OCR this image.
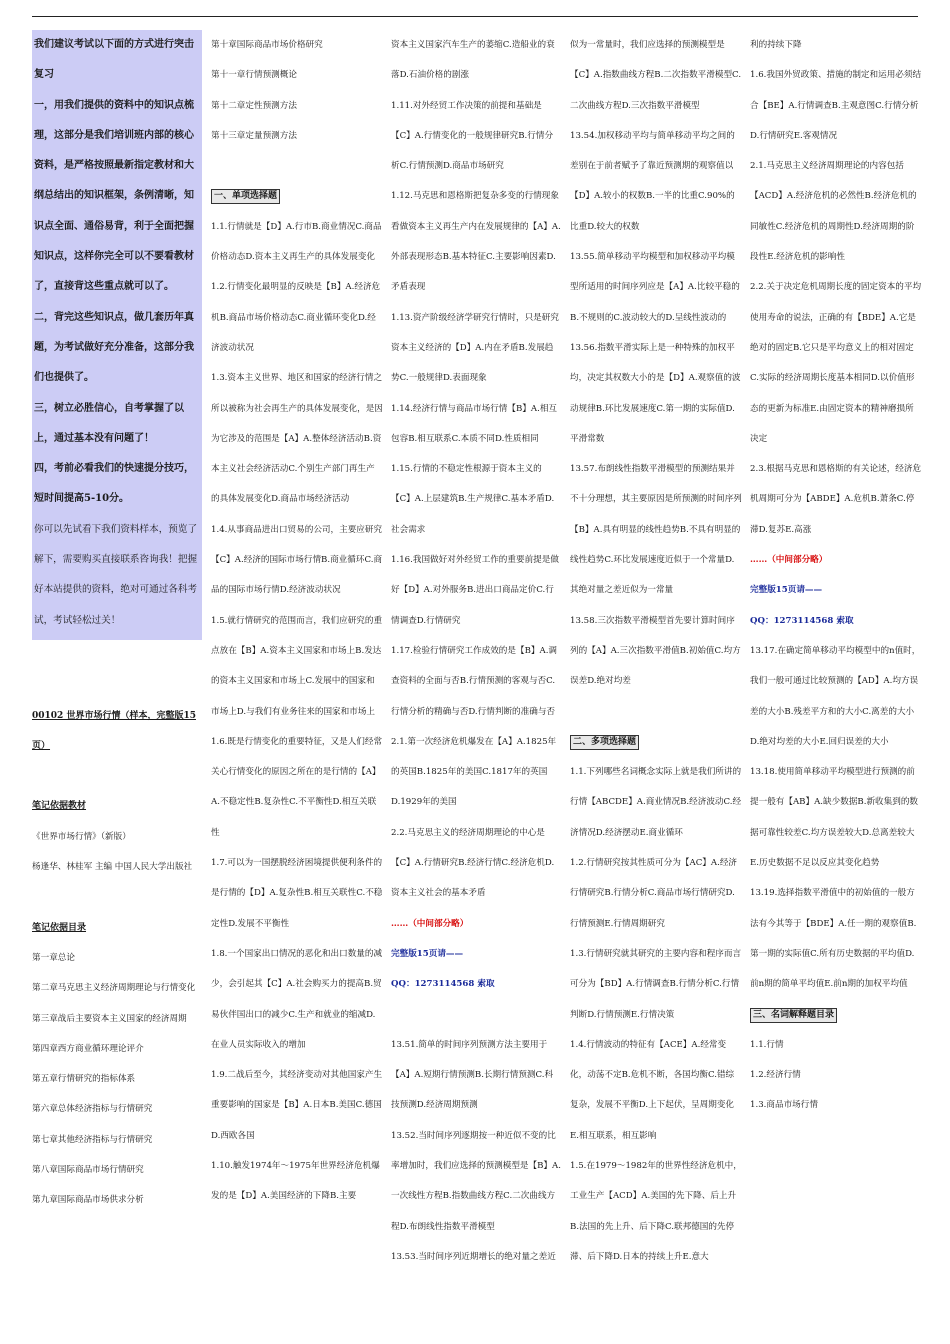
我们建议考试以下面的方式进行突击复习

一，用我们提供的资料中的知识点梳理，这部分是我们培训班内部的核心资料，是严格按照最新指定教材和大纲总结出的知识框架，条例清晰，知识点全面、通俗易背，利于全面把握知识点，这样你完全可以不要看教材了，直接背这些重点就可以了。

二，背完这些知识点，做几套历年真题，为考试做好充分准备，这部分我们也提供了。

三，树立必胜信心，自考掌握了以上，通过基本没有问题了！

四，考前必看我们的快速提分技巧，短时间提高5-10分。

你可以先试看下我们资料样本，预览了解下，需要购买直接联系咨询我！把握好本站提供的资料，绝对可通过各科考试，考试轻松过关！

00102 世界市场行情（样本，完整版15页）

笔记依据教材

《世界市场行情》（新版）

杨逢华、林桂军 主编 中国人民大学出版社

笔记依据目录

第一章总论

第二章马克思主义经济周期理论与行情变化

第三章战后主要资本主义国家的经济周期

第四章西方商业循环理论评介

第五章行情研究的指标体系

第六章总体经济指标与行情研究

第七章其他经济指标与行情研究

第八章国际商品市场行情研究

第九章国际商品市场供求分析

第十章国际商品市场价格研究

第十一章行情预测概论

第十二章定性预测方法

第十三章定量预测方法

一、单项选择题

1.1.行情就是【D】A.行市B.商业情况C.商品价格动态D.资本主义再生产的具体发展变化

1.2.行情变化最明显的反映是【B】A.经济危机B.商品市场价格动态C.商业循环变化D.经济波动状况

1.3.资本主义世界、地区和国家的经济行情之所以被称为社会再生产的具体发展变化，是因为它涉及的范围是【A】A.整体经济活动B.资本主义社会经济活动C.个别生产部门再生产的具体发展变化D.商品市场经济活动

1.4.从事商品进出口贸易的公司，主要应研究【C】A.经济的国际市场行情B.商业循环C.商品的国际市场行情D.经济波动状况

1.5.就行情研究的范围而言，我们应研究的重点放在【B】A.资本主义国家和市场上B.发达的资本主义国家和市场上C.发展中的国家和市场上D.与我们有业务往来的国家和市场上

1.6.既是行情变化的重要特征，又是人们经常关心行情变化的原因之所在的是行情的【A】A.不稳定性B.复杂性C.不平衡性D.相互关联性

1.7.可以为一国摆脱经济困境提供便利条件的是行情的【D】A.复杂性B.相互关联性C.不稳定性D.发展不平衡性

1.8.一个国家出口情况的恶化和出口数量的减少，会引起其【C】A.社会购买力的提高B.贸易伙伴国出口的减少C.生产和就业的缩减D.在业人员实际收入的增加

1.9.二战后至今，其经济变动对其他国家产生重要影响的国家是【B】A.日本B.美国C.德国D.西欧各国

1.10.触发1974年～1975年世界经济危机爆发的是【D】A.美国经济的下降B.主要

资本主义国家汽车生产的萎缩C.造船业的衰落D.石油价格的剧涨

1.11.对外经贸工作决策的前提和基础是【C】A.行情变化的一般规律研究B.行情分析C.行情预测D.商品市场研究

1.12.马克思和恩格斯把复杂多变的行情现象看做资本主义再生产内在发展规律的【A】A.外部表现形态B.基本特征C.主要影响因素D.矛盾表现

1.13.资产阶级经济学研究行情时，只是研究资本主义经济的【D】A.内在矛盾B.发展趋势C.一般规律D.表面现象

1.14.经济行情与商品市场行情【B】A.相互包容B.相互联系C.本质不同D.性质相同

1.15.行情的不稳定性根源于资本主义的【C】A.上层建筑B.生产规律C.基本矛盾D.社会需求

1.16.我国做好对外经贸工作的重要前提是做好【D】A.对外服务B.进出口商品定价C.行情调查D.行情研究

1.17.检验行情研究工作成效的是【B】A.调查资料的全面与否B.行情预测的客观与否C.行情分析的精确与否D.行情判断的准确与否

2.1.第一次经济危机爆发在【A】A.1825年的英国B.1825年的美国C.1817年的英国D.1929年的美国

2.2.马克思主义的经济周期理论的中心是【C】A.行情研究B.经济行情C.经济危机D.资本主义社会的基本矛盾

……（中间部分略）

完整版15页请——

QQ：1273114568 索取

13.51.简单的时间序列预测方法主要用于【A】A.短期行情预测B.长期行情预测C.科技预测D.经济周期预测

13.52.当时间序列逐期按一种近似不变的比率增加时，我们应选择的预测模型是【B】A.一次线性方程B.指数曲线方程C.二次曲线方程D.布朗线性指数平滑模型

13.53.当时间序列近期增长的绝对量之差近

似为一常量时，我们应选择的预测模型是【C】A.指数曲线方程B.二次指数平滑模型C.二次曲线方程D.三次指数平滑模型

13.54.加权移动平均与简单移动平均之间的差别在于前者赋予了靠近预测期的观察值以【D】A.较小的权数B.一半的比重C.90%的比重D.较大的权数

13.55.简单移动平均模型和加权移动平均模型所适用的时间序列应是【A】A.比较平稳的B.不规则的C.波动较大的D.呈线性波动的

13.56.指数平滑实际上是一种特殊的加权平均，决定其权数大小的是【D】A.观察值的波动规律B.环比发展速度C.第一期的实际值D.平滑常数

13.57.布朗线性指数平滑模型的预测结果并不十分理想，其主要原因是所预测的时间序列【B】A.具有明显的线性趋势B.不具有明显的线性趋势C.环比发展速度近似于一个常量D.其绝对量之差近似为一常量

13.58.三次指数平滑模型首先要计算时间序列的【A】A.三次指数平滑值B.初始值C.均方误差D.绝对均差

二、多项选择题

1.1.下列哪些名词概念实际上就是我们所讲的行情【ABCDE】A.商业情况B.经济波动C.经济情况D.经济摆动E.商业循环

1.2.行情研究按其性质可分为【AC】A.经济行情研究B.行情分析C.商品市场行情研究D.行情预测E.行情周期研究

1.3.行情研究就其研究的主要内容和程序而言可分为【BD】A.行情调查B.行情分析C.行情判断D.行情预测E.行情决策

1.4.行情波动的特征有【ACE】A.经常变化，动荡不定B.危机不断，各国均衡C.错综复杂，发展不平衡D.上下起伏，呈周期变化E.相互联系，相互影响

1.5.在1979～1982年的世界性经济危机中，工业生产【ACD】A.美国的先下降、后上升B.法国的先上升、后下降C.联邦德国的先停滞、后下降D.日本的持续上升E.意大

利的持续下降

1.6.我国外贸政策、措施的制定和运用必须结合【BE】A.行情调查B.主观意图C.行情分析D.行情研究E.客观情况

2.1.马克思主义经济周期理论的内容包括【ACD】A.经济危机的必然性B.经济危机的同敏性C.经济危机的周期性D.经济周期的阶段性E.经济危机的影响性

2.2.关于决定危机周期长度的固定资本的平均使用寿命的说法，正确的有【BDE】A.它是绝对的固定B.它只是平均意义上的相对固定C.实际的经济周期长度基本相同D.以价值形态的更新为标准E.由固定资本的精神磨损所决定

2.3.根据马克思和恩格斯的有关论述，经济危机周期可分为【ABDE】A.危机B.萧条C.停滞D.复苏E.高涨

……（中间部分略）

完整版15页请——

QQ：1273114568 索取

13.17.在确定简单移动平均模型中的n值时，我们一般可通过比较预测的【AD】A.均方误差的大小B.残差平方和的大小C.离差的大小D.绝对均差的大小E.回归误差的大小

13.18.使用简单移动平均模型进行预测的前提一般有【AB】A.缺少数据B.新收集到的数据可靠性较差C.均方误差较大D.总离差较大E.历史数据不足以反应其变化趋势

13.19.选择指数平滑值中的初始值的一般方法有今其等于【BDE】A.任一期的观察值B.第一期的实际值C.所有历史数据的平均值D.前n期的简单平均值E.前n期的加权平均值

三、名词解释题目录

1.1.行情

1.2.经济行情

1.3.商品市场行情
